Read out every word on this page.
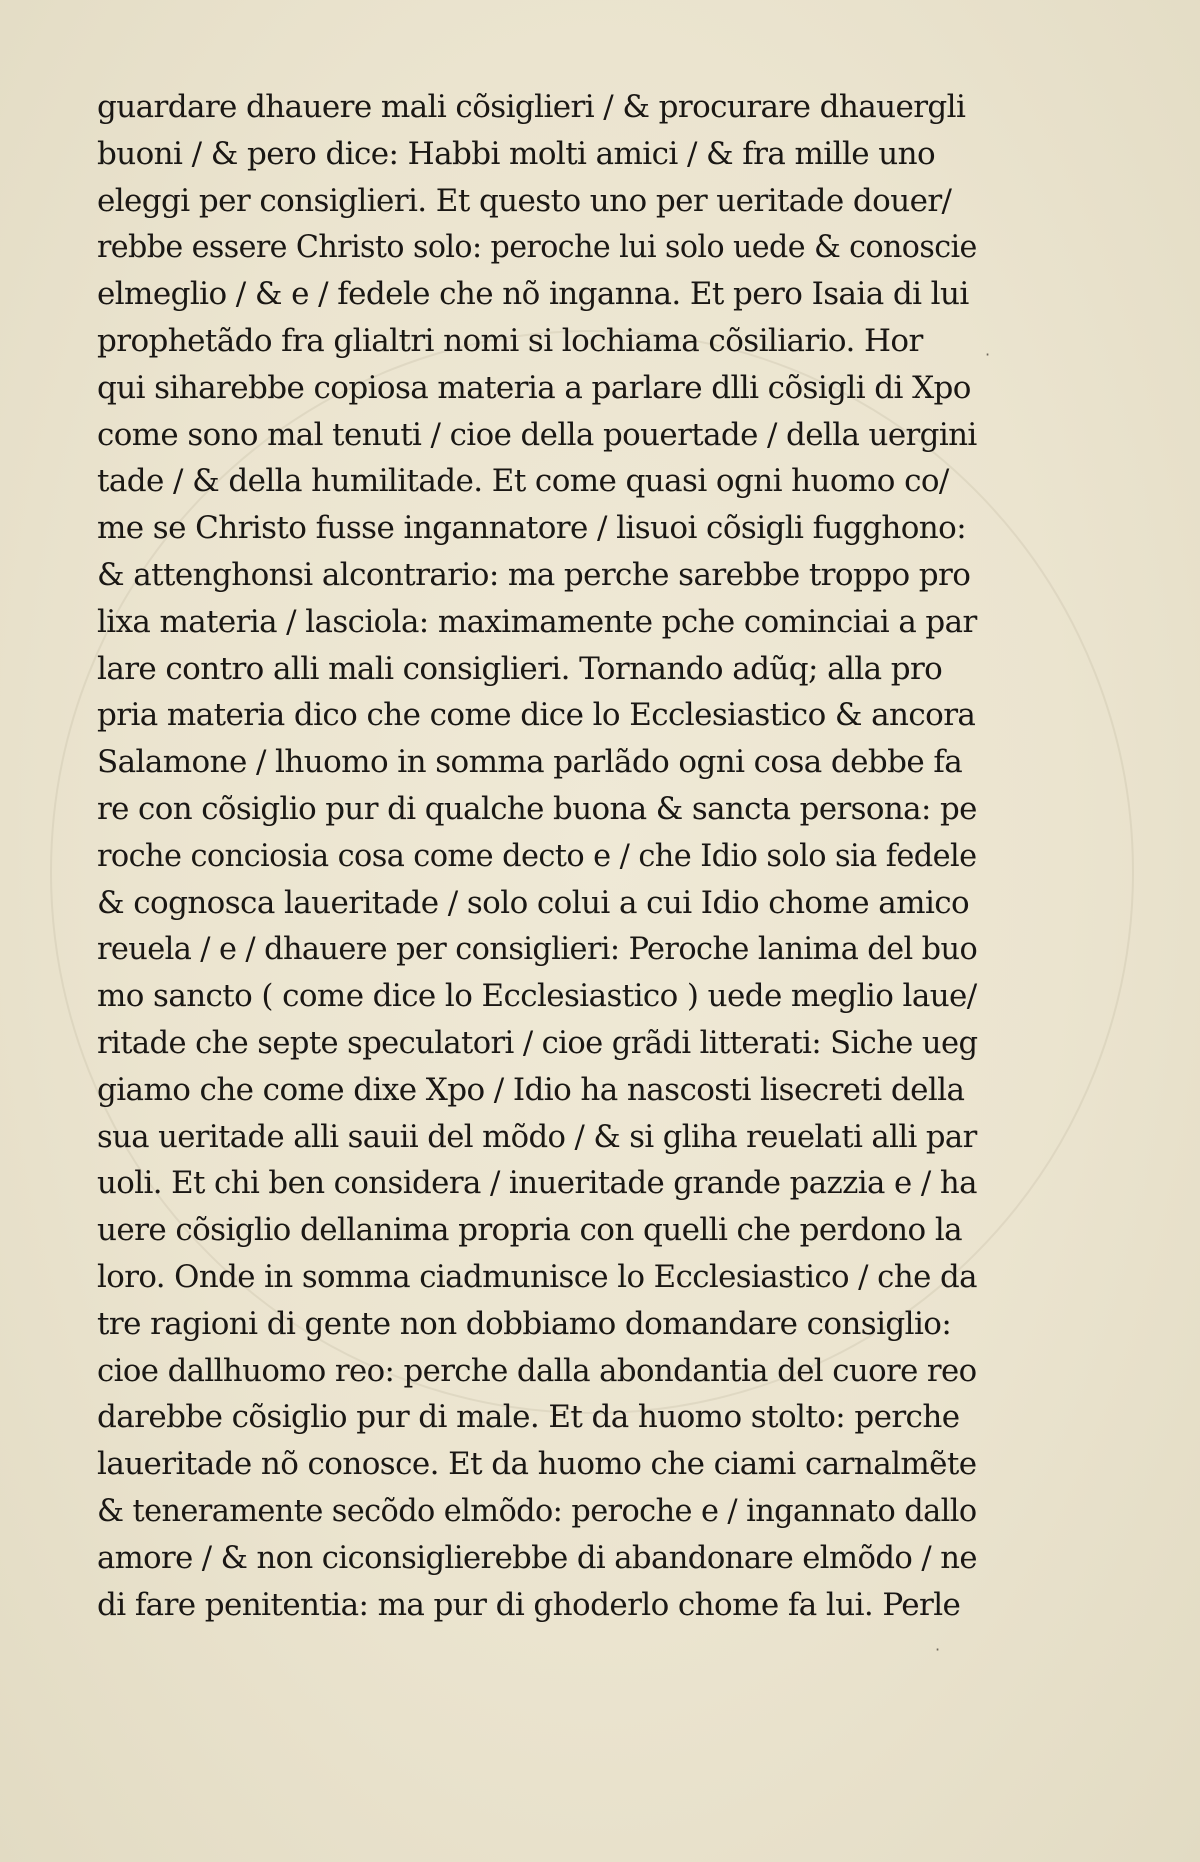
guardare dhauere mali cõsiglieri / & procurare dhauergli
buoni / & pero dice: Habbi molti amici / & fra mille uno
eleggi per consiglieri. Et questo uno per ueritade douer/
rebbe essere Christo solo: peroche lui solo uede & conoscie
elmeglio / & e / fedele che nõ inganna. Et pero Isaia di lui
prophetãdo fra glialtri nomi si lochiama cõsiliario. Hor
qui siharebbe copiosa materia a parlare dlli cõsigli di Xpo
come sono mal tenuti / cioe della pouertade / della uergini
tade / & della humilitade. Et come quasi ogni huomo co/
me se Christo fusse ingannatore / lisuoi cõsigli fugghono:
& attenghonsi alcontrario: ma perche sarebbe troppo pro
lixa materia / lasciola: maximamente pche cominciai a par
lare contro alli mali consiglieri. Tornando adũq; alla pro
pria materia dico che come dice lo Ecclesiastico & ancora
Salamone / lhuomo in somma parlãdo ogni cosa debbe fa
re con cõsiglio pur di qualche buona & sancta persona: pe
roche conciosia cosa come decto e / che Idio solo sia fedele
& cognosca laueritade / solo colui a cui Idio chome amico
reuela / e / dhauere per consiglieri: Peroche lanima del buo
mo sancto ( come dice lo Ecclesiastico ) uede meglio laue/
ritade che septe speculatori / cioe grãdi litterati: Siche ueg
giamo che come dixe Xpo / Idio ha nascosti lisecreti della
sua ueritade alli sauii del mõdo / & si gliha reuelati alli par
uoli. Et chi ben considera / inueritade grande pazzia e / ha
uere cõsiglio dellanima propria con quelli che perdono la
loro. Onde in somma ciadmunisce lo Ecclesiastico / che da
tre ragioni di gente non dobbiamo domandare consiglio:
cioe dallhuomo reo: perche dalla abondantia del cuore reo
darebbe cõsiglio pur di male. Et da huomo stolto: perche
laueritade nõ conosce. Et da huomo che ciami carnalmẽte
& teneramente secõdo elmõdo: peroche e / ingannato dallo
amore / & non ciconsiglierebbe di abandonare elmõdo / ne
di fare penitentia: ma pur di ghoderlo chome fa lui. Perle
·
·
